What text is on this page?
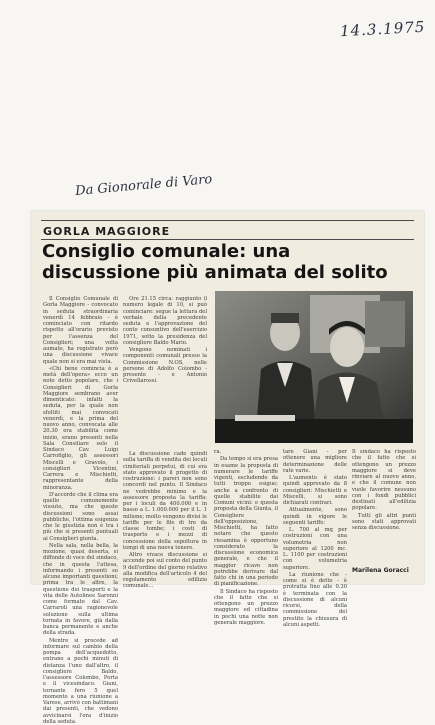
14.3.1975
Da Gionorale di Varo
GORLA MAGGIORE
Consiglio comunale: una discussione più animata del solito

Il Consiglio Comunale di Gorla Maggiore - convocato in seduta straordinaria venerdì 14 febbraio - è cominciato con ritardo rispetto all'orario previsto per l'assenza del Consiglieri; una volta aumato, ha registrato però una discussione vivace quale non si era mai vista.

«Chi bene comincia è a metà dell'opera» ecco un noto detto popolare, che i Consiglieri di Gorla Maggiore sembrano aver dimenticato: infatti la seduta, per la quale non sfoltiti mai convocati venerdì, e la prima del nuovo anno, convocata alle 20.30 era stabilita come inizio, erano presenti nella Sala Consiliare solo il Sindaco Cav. Luigi Carrofiglio, gli assessori Miscelli e Gravolo, i consiglieri Vicentini, Carrera e Mischietti, rappresentante della minoranza.

D'accordo che il clima era quello comunemente vissuto, ma che queste discussioni sono assai pubbliche, l'ottima esigenza che le giustizia non è tra i più che si presenti puntuali ai Consiglieri giunta.

Nella sala, nella bella, la mozione, quasi deserta, si diffonde di voce del sindaco, che in questa l'attesa, informando i presenti su alcune importanti questioni; prima tra le altre, la questione dei trasporti e la vita delle Autolinee Saronni come formato dal Cav. Carraroli una ragionevole soluzione sulla ultima tornata in favore, già dalla banca permanente e anche della strada.

Mentre si procede ad informare sul cambio della pompa dell'acquedotto, entrano a pochi minuti di distanza l'uno dall'altro, il consigliere Baldo, l'assessore Colombo, Porta e il vicesindaco. Giani, tornante fero 5 quel momento a una riunione a Varese, arrivò con battimani dai presenti, che vedono avvicinarsi l'ora d'inizio della seduta.

Ore 21.15 circa: raggiunto il numero legale di 10, si può cominciare: segue la lettura del verbale della precedente seduta e l'approvazione del conto consuntivo dell'esercizio 1971, sotto la presidenza del consigliere Baldo Mario.

Vengono nominati i componenti comunali presso la Commissione N.OS, nelle persone di Adolfo Colombo - presente - e Antonio Crivellarossi.

La discussione cade quindi sulla tariffa di vendita dei loculi cimiteriali perpetui, di cui era stato approvato il progetto di costruzione: i pareri non sono concordi nel punto. Il Sindaco ne vedrebbe minimo e la assessore proposta la tariffa: per i loculi da 400.000 e in basso a L. 1.000.000 per il L. 1 milione; molto vengono divisi le tariffe per le file di tre da classe tombe; i costi di trasporto e i mezzi di concessione della sepoltura in tempi di una nuova tenere.

Altro vivace discussione si accende poi sul conto del punto 9 dell'ordine del giorno relativo alla modifica dell'articolo 4 del regolamento edilizio comunale...

ra.

Da tempo si era presa in esame la proposta di numerare le tariffe vigenti, escludendo da tutti troppo esigue; anche a confronto di quelle stabilite dai Comuni vicini: e questa proposta della Giunta, il Consigliere dell'opposizione, Mischietti, ha fatto notare che questo riesamina è opportuno considerato la discussione economica generale, e che il maggior ricavo non potrebbe derivare dal fatto chi in una periodo di pianificazione.

Il Sindaco ha risposto che il fatto che si ottengono un prezzo maggiore ed cittadina in pochi una notte non generale maggiore.

tare Giani - per ottenere una migliore determinazione delle rate varie.

L'aumento è stato quindi approvato da 8 consiglieri: Mischietti e Miscelli, si sono dichiarati contrari.

Attualmente, sono quindi in vigore le seguenti tariffe:

L. 700 al mq per costruzioni con una volumetria non superiore al 1200 mc. L. 1100 per costruzioni con volumetria superiore.

La riunione che - come si è detto - è protratta fino alle 0.30 è terminata con la discussione di alcuni ricorsi, della commissione del prestito la chiusura di alcuni aspetti.

Il sindaco ha risposto che il fatto che si ottengono un prezzo maggiore si deve rinviare al nuovo anno, e che il comune non vuole favorire nessuno con i fondi pubblici destinati all'edilizia popolare.

Tutti gli altri punti sono stati approvati senza discussione.

Marilena Goracci
